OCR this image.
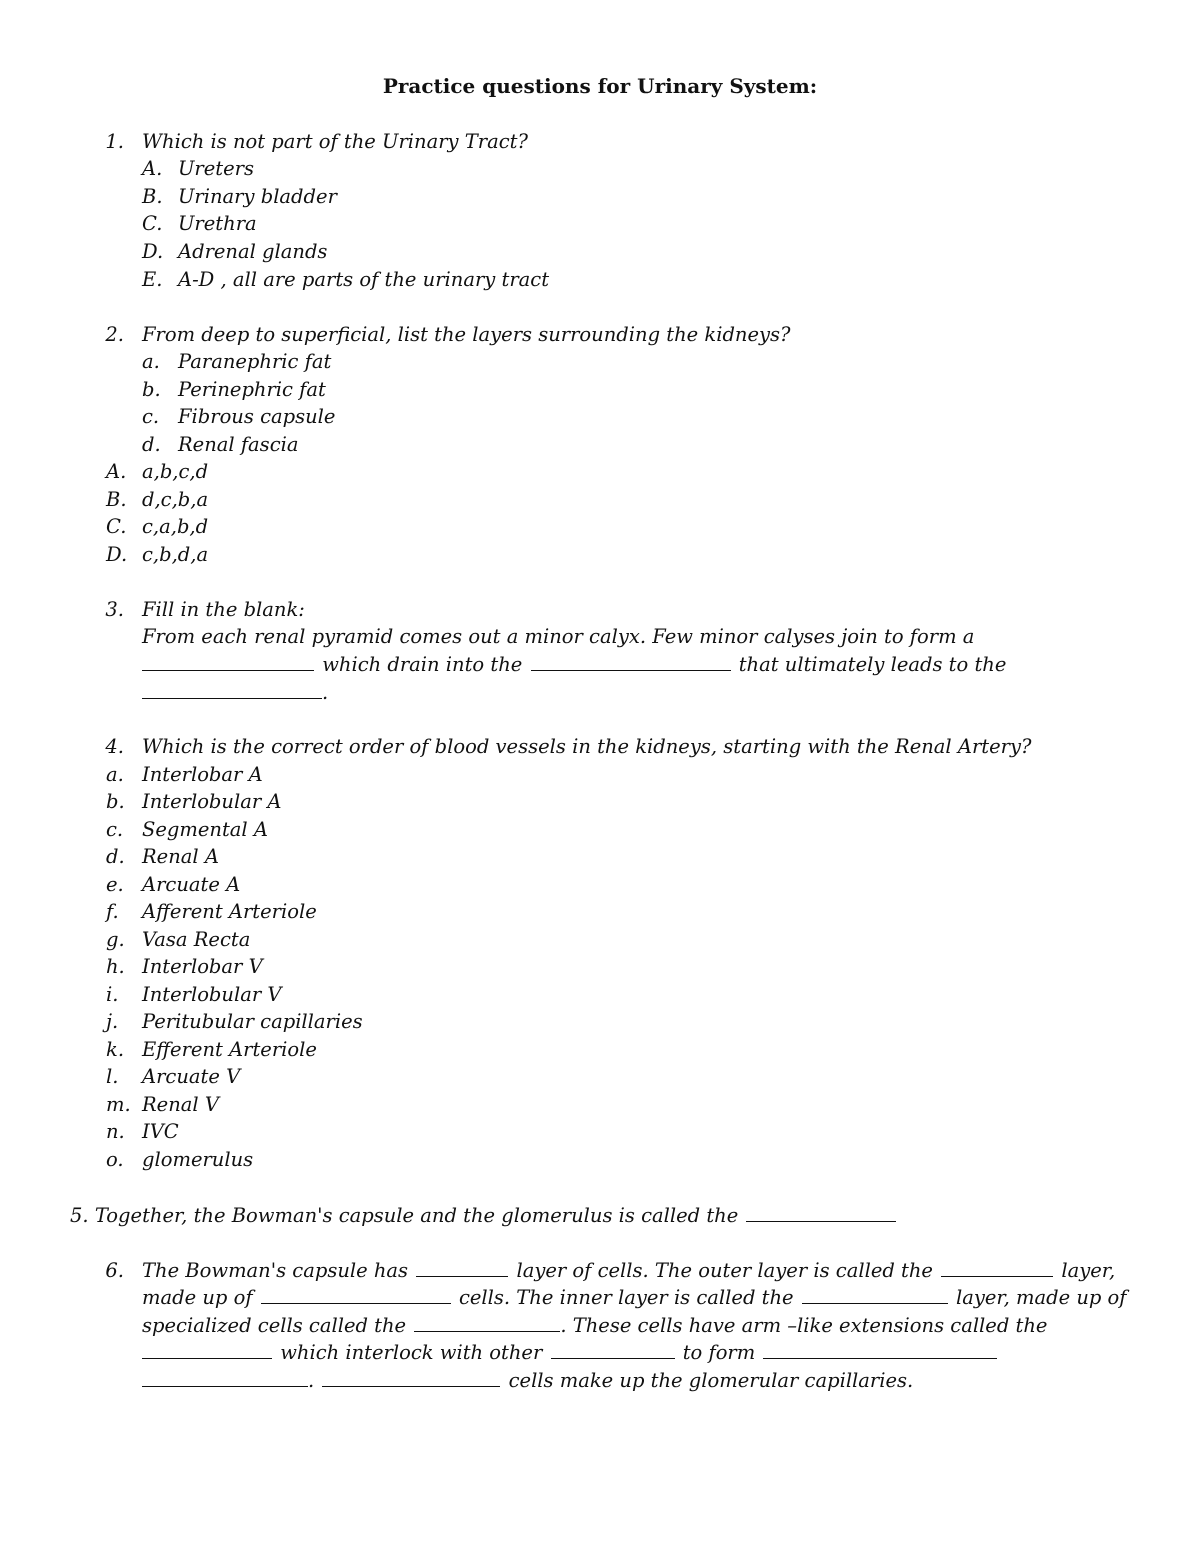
Practice questions for Urinary System:
1. Which is not part of the Urinary Tract?
A. Ureters
B. Urinary bladder
C. Urethra
D. Adrenal glands
E. A-D , all are parts of the urinary tract
2. From deep to superficial, list the layers surrounding the kidneys?
a. Paranephric fat
b. Perinephric fat
c. Fibrous capsule
d. Renal fascia
A. a,b,c,d
B. d,c,b,a
C. c,a,b,d
D. c,b,d,a
3. Fill in the blank:
From each renal pyramid comes out a minor calyx. Few minor calyses join to form a
which drain into the	that ultimately leads to the
.
4. Which is the correct order of blood vessels in the kidneys, starting with the Renal Artery?
a. Interlobar A
b. Interlobular A
c. Segmental A
d. Renal A
e. Arcuate A
f. Afferent Arteriole
g. Vasa Recta
h. Interlobar V
i. Interlobular V
j. Peritubular capillaries
k. Efferent Arteriole
l. Arcuate V
m. Renal V
n. IVC
o. glomerulus
5. Together, the Bowman's capsule and the glomerulus is called the
6. The Bowman's capsule has	layer of cells. The outer layer is called the	layer,
made up of	cells. The inner layer is called the	layer, made up of
specialized cells called the	. These cells have arm –like extensions called the
which interlock with other	to form
.	cells make up the glomerular capillaries.
